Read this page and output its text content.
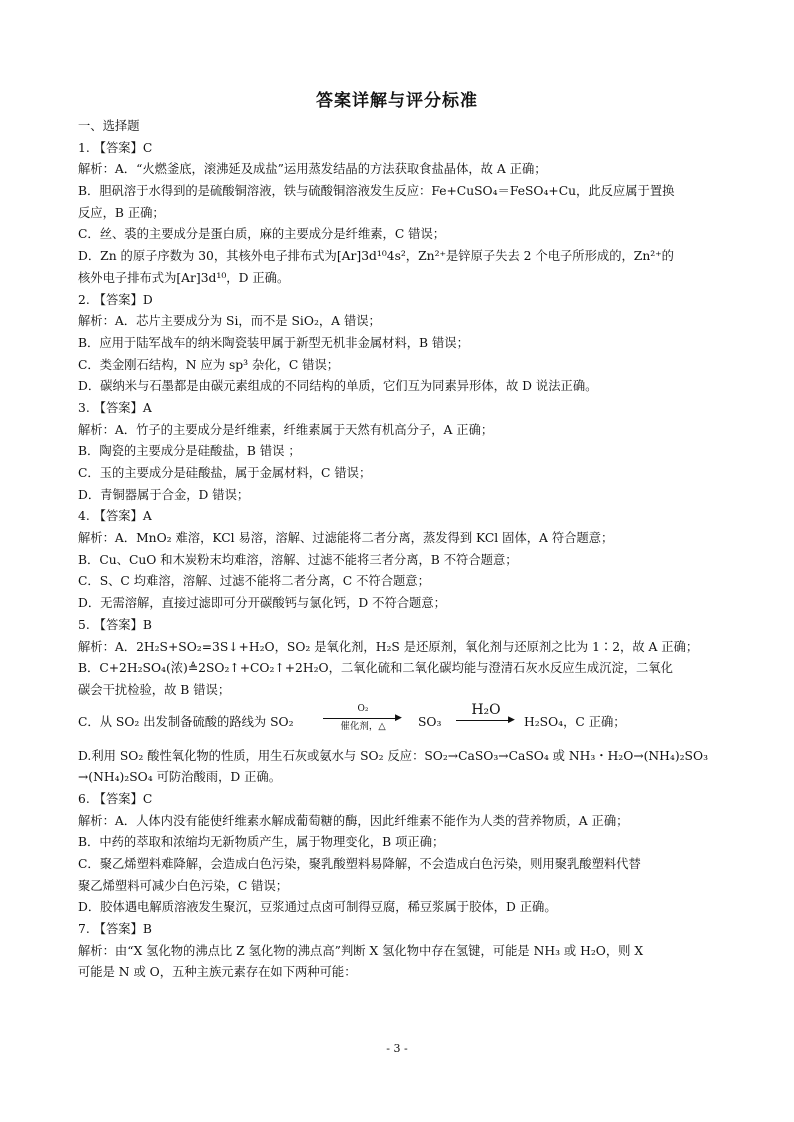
答案详解与评分标准
一、选择题
1. 【答案】C
解析：A．“火燃釜底，滚沸延及成盐”运用蒸发结晶的方法获取食盐晶体，故 A 正确；
B．胆矾溶于水得到的是硫酸铜溶液，铁与硫酸铜溶液发生反应：Fe+CuSO₄＝FeSO₄+Cu，此反应属于置换
反应，B 正确；
C．丝、裘的主要成分是蛋白质，麻的主要成分是纤维素，C 错误；
D．Zn 的原子序数为 30，其核外电子排布式为[Ar]3d¹⁰4s²，Zn²⁺是锌原子失去 2 个电子所形成的，Zn²⁺的
核外电子排布式为[Ar]3d¹⁰，D 正确。
2. 【答案】D
解析：A．芯片主要成分为 Si，而不是 SiO₂，A 错误；
B．应用于陆军战车的纳米陶瓷装甲属于新型无机非金属材料，B 错误；
C．类金刚石结构，N 应为 sp³ 杂化，C 错误；
D．碳纳米与石墨都是由碳元素组成的不同结构的单质，它们互为同素异形体，故 D 说法正确。
3. 【答案】A
解析：A．竹子的主要成分是纤维素，纤维素属于天然有机高分子，A 正确；
B．陶瓷的主要成分是硅酸盐，B 错误 ；
C．玉的主要成分是硅酸盐，属于金属材料，C 错误；
D．青铜器属于合金，D 错误；
4. 【答案】A
解析：A．MnO₂ 难溶，KCl 易溶，溶解、过滤能将二者分离，蒸发得到 KCl 固体，A 符合题意；
B．Cu、CuO 和木炭粉末均难溶，溶解、过滤不能将三者分离，B 不符合题意；
C．S、C 均难溶，溶解、过滤不能将二者分离，C 不符合题意；
D．无需溶解，直接过滤即可分开碳酸钙与氯化钙，D 不符合题意；
5. 【答案】B
解析：A．2H₂S+SO₂=3S↓+H₂O，SO₂ 是氧化剂，H₂S 是还原剂，氧化剂与还原剂之比为 1∶2，故 A 正确；
B．C+2H₂SO₄(浓)≜2SO₂↑+CO₂↑+2H₂O，二氧化硫和二氧化碳均能与澄清石灰水反应生成沉淀，二氧化
碳会干扰检验，故 B 错误；
C．从 SO₂ 出发制备硫酸的路线为 SO₂
O₂
▶
催化剂，△	SO₃
H₂O
▶ H₂SO₄，C 正确；
D.利用 SO₂ 酸性氧化物的性质，用生石灰或氨水与 SO₂ 反应：SO₂→CaSO₃→CaSO₄ 或 NH₃・H₂O→(NH₄)₂SO₃
→(NH₄)₂SO₄ 可防治酸雨，D 正确。
6. 【答案】C
解析：A．人体内没有能使纤维素水解成葡萄糖的酶，因此纤维素不能作为人类的营养物质，A 正确；
B．中药的萃取和浓缩均无新物质产生，属于物理变化，B 项正确；
C．聚乙烯塑料难降解，会造成白色污染，聚乳酸塑料易降解，不会造成白色污染，则用聚乳酸塑料代替
聚乙烯塑料可减少白色污染，C 错误；
D．胶体遇电解质溶液发生聚沉，豆浆通过点卤可制得豆腐，稀豆浆属于胶体，D 正确。
7. 【答案】B
解析：由“X 氢化物的沸点比 Z 氢化物的沸点高”判断 X 氢化物中存在氢键，可能是 NH₃ 或 H₂O，则 X
可能是 N 或 O，五种主族元素存在如下两种可能：
- 3 -
